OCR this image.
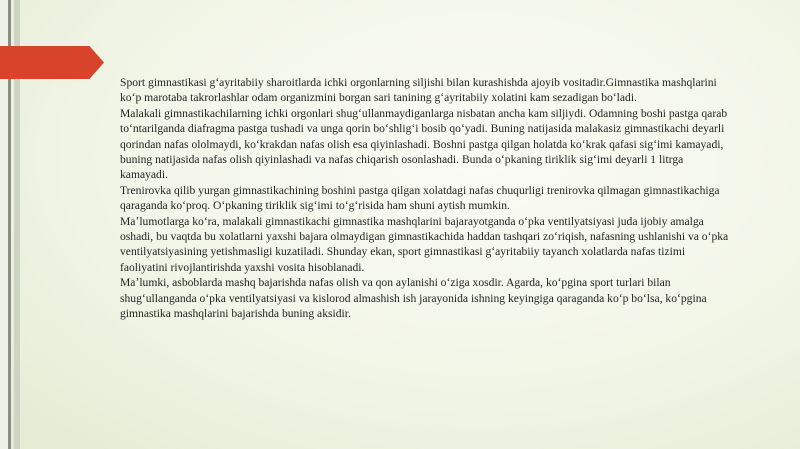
Sport gimnastikasi gʻayritabiiy sharoitlarda ichki orgonlarning siljishi bilan kurashishda ajoyib vositadir.Gimnastika mashqlarini koʻp marotaba takrorlashlar odam organizmini borgan sari tanining gʻayritabiiy xolatini kam sezadigan boʻladi.

Malakali gimnastikachilarning ichki orgonlari shugʻullanmaydiganlarga nisbatan ancha kam siljiydi. Odamning boshi pastga qarab toʻntarilganda diafragma pastga tushadi va unga qorin boʻshligʻi bosib qoʻyadi. Buning natijasida malakasiz gimnastikachi deyarli qorindan nafas ololmaydi, koʻkrakdan nafas olish esa qiyinlashadi. Boshni pastga qilgan holatda koʻkrak qafasi sigʻimi kamayadi, buning natijasida nafas olish qiyinlashadi va nafas chiqarish osonlashadi. Bunda oʻpkaning tiriklik sigʻimi deyarli 1 litrga kamayadi.

Trenirovka qilib yurgan gimnastikachining boshini pastga qilgan xolatdagi nafas chuqurligi trenirovka qilmagan gimnastikachiga qaraganda koʻproq. Oʻpkaning tiriklik sigʻimi toʻgʻrisida ham shuni aytish mumkin.

Maʼlumotlarga koʻra, malakali gimnastikachi gimnastika mashqlarini bajarayotganda oʻpka ventilyatsiyasi juda ijobiy amalga oshadi, bu vaqtda bu xolatlarni yaxshi bajara olmaydigan gimnastikachida haddan tashqari zoʻriqish, nafasning ushlanishi va oʻpka ventilyatsiyasining yetishmasligi kuzatiladi. Shunday ekan, sport gimnastikasi gʻayritabiiy tayanch xolatlarda nafas tizimi faoliyatini rivojlantirishda yaxshi vosita hisoblanadi.

Maʼlumki, asboblarda mashq bajarishda nafas olish va qon aylanishi oʻziga xosdir. Agarda, koʻpgina sport turlari bilan shugʻullanganda oʻpka ventilyatsiyasi va kislorod almashish ish jarayonida ishning keyingiga qaraganda koʻp boʻlsa, koʻpgina gimnastika mashqlarini bajarishda buning aksidir.
